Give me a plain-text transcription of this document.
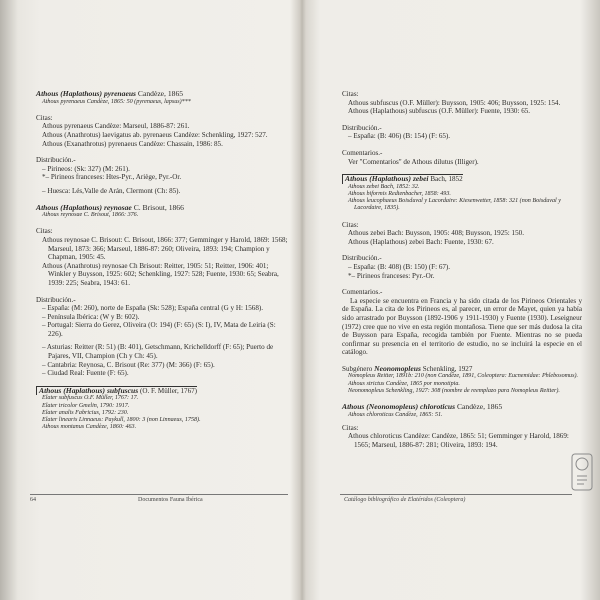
Athous (Haplathous) pyrenaeus Candèze, 1865

Athous pyrenaeus Candèze, 1865: 50 (pyrenaeus, lapsus)***

Citas:

Athous pyrenaeus Candèze: Marseul, 1886-87: 261.

Athous (Anathrotus) laevigatus ab. pyrenaeus Candèze: Schenkling, 1927: 527.

Athous (Exanathrotus) pyrenaeus Candèze: Chassain, 1986: 85.

Distribución.-

– Pirineos: (Sk: 327) (M: 261).

*– Pirineos franceses: Htes-Pyr., Ariège, Pyr.-Or.

– Huesca: Lés,Valle de Arán, Clermont (Ch: 85).

Athous (Haplathous) reynosae C. Brisout, 1866

Athous reynosae C. Brisout, 1866: 376.

Citas:

Athous reynosae C. Brisout: C. Brisout, 1866: 377; Gemminger y Harold, 1869: 1568; Marseul, 1873: 366; Marseul, 1886-87: 260; Oliveira, 1893: 194; Champion y Chapman, 1905: 45.

Athous (Anathrotus) reynosae Ch Brisout: Reitter, 1905: 51; Reitter, 1906: 401; Winkler y Buysson, 1925: 602; Schenkling, 1927: 528; Fuente, 1930: 65; Seabra, 1939: 225; Seabra, 1943: 61.

Distribución.-

– España: (M: 260), norte de España (Sk: 528); España central (G y H: 1568).

– Península Ibérica: (W y B: 602).

– Portugal: Sierra do Gerez, Oliveira (O: 194) (F: 65) (S: I), IV, Mata de Leiria (S: 226).

– Asturias: Reitter (R: 51) (B: 401), Getschmann, Krichelldorff (F: 65); Puerto de Pajares, VII, Champion (Ch y Ch: 45).

– Cantabria: Reynosa, C. Brisout (Re: 377) (M: 366) (F: 65).

– Ciudad Real: Fuente (F: 65).

Athous (Haplathous) subfuscus (O. F. Müller, 1767)

Elater subfuscus O.F. Müller, 1767: 17.

Elater tricolor Gmelin, 1790: 1917.

Elater analis Fabricius, 1792: 230.

Elater linearis Linnaeus: Paykull, 1800: 3 (non Linnaeus, 1758).

Athous montanus Candèze, 1860: 463.

64	Documentos Fauna Ibérica

Citas:

Athous subfuscus (O.F. Müller): Buysson, 1905: 406; Buysson, 1925: 154.

Athous (Haplathous) subfuscus (O.F. Müller): Fuente, 1930: 65.

Distribución.-

– España: (B: 406) (B: 154) (F: 65).

Comentarios.-

Ver "Comentarios" de Athous dilutus (Illiger).

Athous (Haplathous) zebei Bach, 1852

Athous zebei Bach, 1852: 32.

Athous biformis Redtenbacher, 1858: 493.

Athous leucophaeus Boisduval y Lacordaire: Kiesenwetter, 1858: 321 (non Boisduval y Lacordaire, 1835).

Citas:

Athous zebei Bach: Buysson, 1905: 408; Buysson, 1925: 150.

Athous (Haplathous) zebei Bach: Fuente, 1930: 67.

Distribución.-

– España: (B: 408) (B: 150) (F: 67).

*– Pirineos franceses: Pyr.-Or.

Comentarios.-

La especie se encuentra en Francia y ha sido citada de los Pirineos Orientales y de España. La cita de los Pirineos es, al parecer, un error de Mayet, quien ya había sido arrastrado por Buysson (1892-1906 y 1911-1930) y Fuente (1930). Leseigneur (1972) cree que no vive en esta región montañosa. Tiene que ser más dudosa la cita de Buysson para España, recogida también por Fuente. Mientras no se pueda confirmar su presencia en el territorio de estudio, no se incluirá la especie en el catálogo.

Subgénero Neonomopleus Schenkling, 1927

Nomopleus Reitter, 1891b: 210 (non Candèze, 1891, Coleoptera: Eucnemidae: Phlebosomus).

Athous strictus Candèze, 1865 por monotipia.

Neonomopleus Schenkling, 1927: 308 (nombre de reemplazo para Nomopleus Reitter).

Athous (Neonomopleus) chloroticus Candèze, 1865

Athous chloroticus Candèze, 1865: 51.

Citas:

Athous chloroticus Candèze: Candèze, 1865: 51; Gemminger y Harold, 1869: 1565; Marseul, 1886-87: 281; Oliveira, 1893: 194.

Catálogo bibliográfico de Elatéridos (Coleoptera)
